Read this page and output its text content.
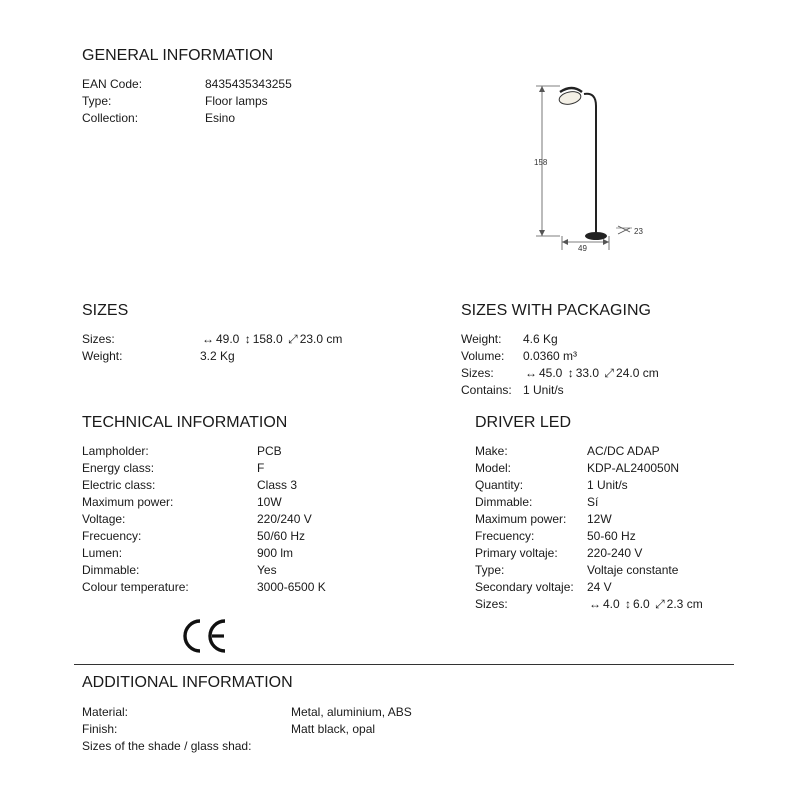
GENERAL INFORMATION
EAN Code:	8435435343255
Type:	Floor lamps
Collection:	Esino
158
49
23
SIZES
Sizes:	↔ 49.0 ↕ 158.0 ⤢ 23.0 cm
Weight:	3.2 Kg
SIZES WITH PACKAGING
Weight: 4.6 Kg
Volume: 0.0360 m³
Sizes:	↔ 45.0 ↕ 33.0 ⤢ 24.0 cm
Contains: 1 Unit/s
TECHNICAL INFORMATION
Lampholder:	PCB
Energy class:	F
Electric class:	Class 3
Maximum power:	10W
Voltage:	220/240 V
Frecuency:	50/60 Hz
Lumen:	900 lm
Dimmable:	Yes
Colour temperature:	3000-6500 K
DRIVER LED
Make:	AC/DC ADAP
Model:	KDP-AL240050N
Quantity:	1 Unit/s
Dimmable:	Sí
Maximum power: 12W
Frecuency:	50-60 Hz
Primary voltaje: 220-240 V
Type:	Voltaje constante
Secondary voltaje: 24 V
Sizes:	↔ 4.0 ↕ 6.0 ⤢ 2.3 cm
ADDITIONAL INFORMATION
Material:	Metal, aluminium, ABS
Finish:	Matt black, opal
Sizes of the shade / glass shad:
